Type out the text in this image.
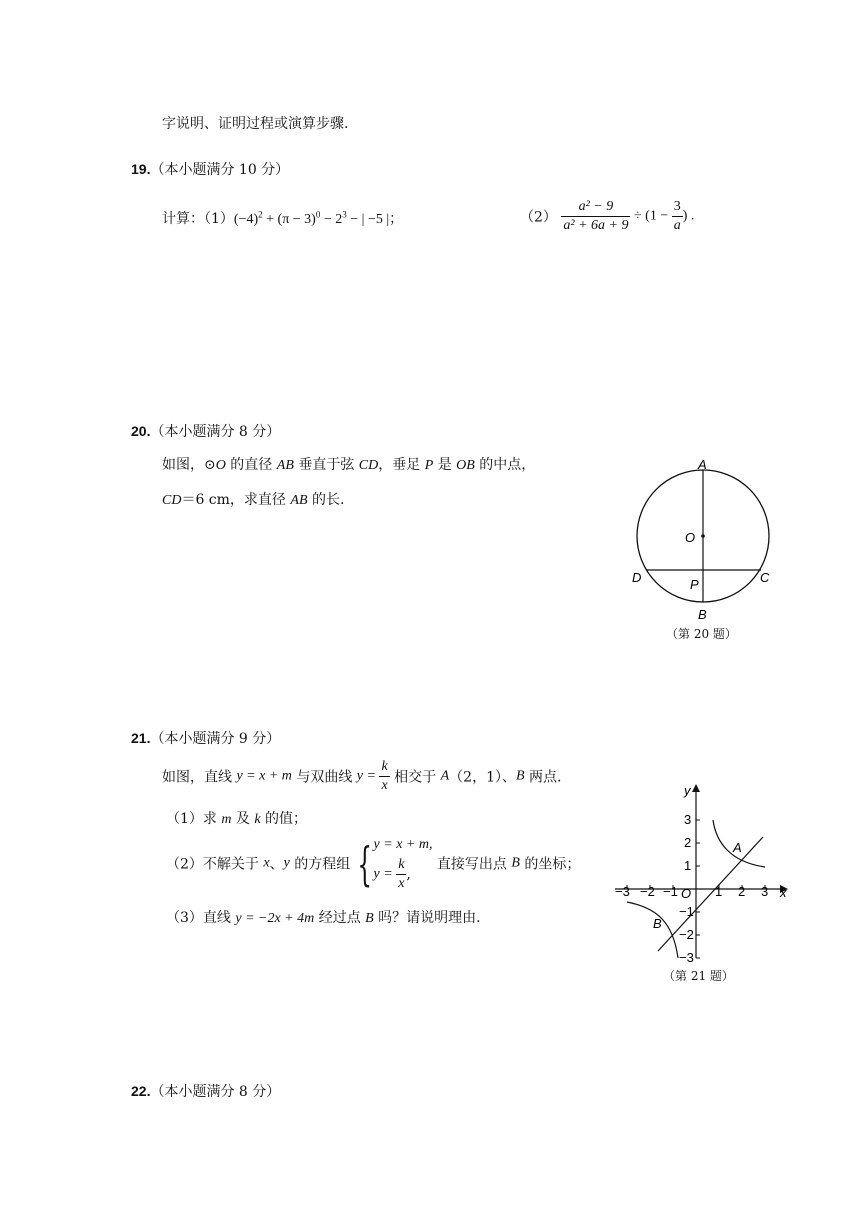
字说明、证明过程或演算步骤.
19.（本小题满分 10 分）
计算：$(1)(-4)^2 + (\pi - 3)^0 - 2^3$ − | −5 |；	$(2) \frac{\text{a² − 9}}{\text{a² + 6a + 9}} \div (1 - \frac{3}{a}$ ) .
20.（本小题满分 8 分）
如图，⊙O 的直径 AB 垂直于弦 CD，垂足 P 是 OB 的中点，
CD＝6 cm，求直径 AB 的长.
A
O
D	P	C
B
（第 20 题）
21.（本小题满分 9 分）
如图，直线 y = x + m 与双曲线 $y = \frac{k}{x}$ 相交于 A（2，1）、B 两点.
（1）求 m 及 k 的值；
（2）不解关于 x、y 的方程组 { y = x + m,
$y = \frac{k}{x}$ ,
直接写出点 B 的坐标；
（3）直线 y = −2x + 4m 经过点 B 吗？请说明理由.
−3 −2 −1	1 2 3
3
2
1
−1
−2
−3
y
x
O
A
B
（第 21 题）
22.（本小题满分 8 分）
